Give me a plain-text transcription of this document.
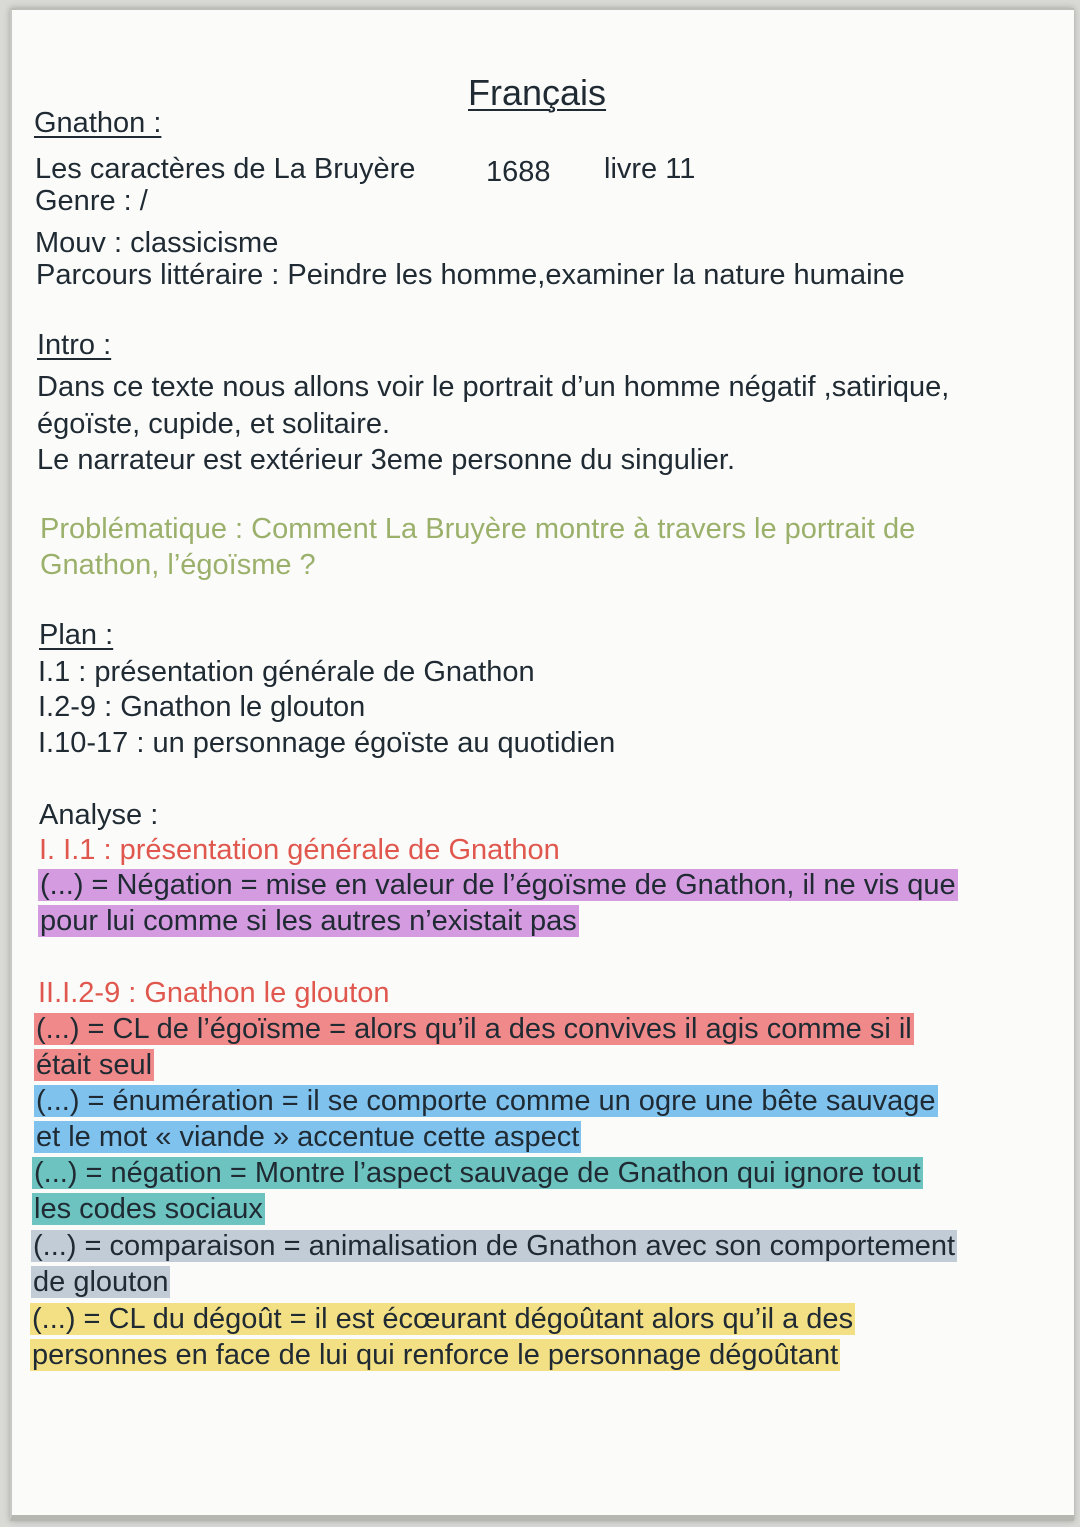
Français
Gnathon :
Les caractères de La Bruyère 1688 livre 11
Genre : /
Mouv : classicisme
Parcours littéraire : Peindre les homme,examiner la nature humaine
Intro :
Dans ce texte nous allons voir le portrait d’un homme négatif ,satirique,
égoïste, cupide, et solitaire.
Le narrateur est extérieur 3eme personne du singulier.
Problématique : Comment La Bruyère montre à travers le portrait de
Gnathon, l’égoïsme ?
Plan :
I.1 : présentation générale de Gnathon
I.2-9 : Gnathon le glouton
I.10-17 : un personnage égoïste au quotidien
Analyse :
I. I.1 : présentation générale de Gnathon
(...) = Négation = mise en valeur de l’égoïsme de Gnathon, il ne vis que
pour lui comme si les autres n’existait pas
II.I.2-9 : Gnathon le glouton
(...) = CL de l’égoïsme = alors qu’il a des convives il agis comme si il
était seul
(...) = énumération = il se comporte comme un ogre une bête sauvage
et le mot « viande » accentue cette aspect
(...) = négation = Montre l’aspect sauvage de Gnathon qui ignore tout
les codes sociaux
(...) = comparaison = animalisation de Gnathon avec son comportement
de glouton
(...) = CL du dégoût = il est écœurant dégoûtant alors qu’il a des
personnes en face de lui qui renforce le personnage dégoûtant
